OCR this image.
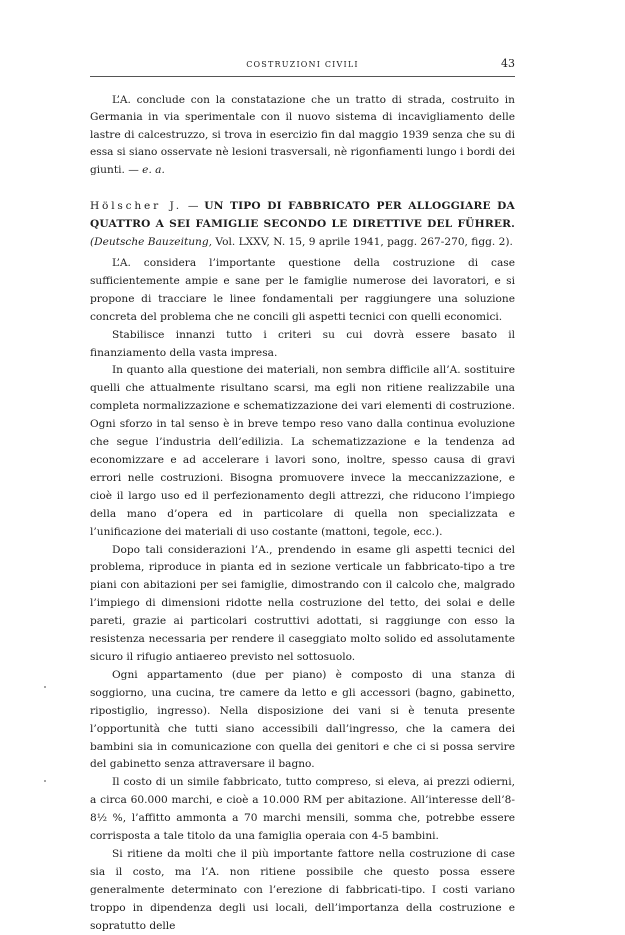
COSTRUZIONI CIVILI	43

L’A. conclude con la constatazione che un tratto di strada, costruito in Germania in via sperimentale con il nuovo sistema di incavigliamento delle lastre di calcestruzzo, si trova in esercizio fin dal maggio 1939 senza che su di essa si siano osservate nè lesioni trasversali, nè rigonfiamenti lungo i bordi dei giunti. — e. a.

Hölscher J. — UN TIPO DI FABBRICATO PER ALLOGGIARE DA QUATTRO A SEI FAMIGLIE SECONDO LE DIRETTIVE DEL FÜHRER. (Deutsche Bauzeitung, Vol. LXXV, N. 15, 9 aprile 1941, pagg. 267-270, figg. 2).

L’A. considera l’importante questione della costruzione di case sufficientemente ampie e sane per le famiglie numerose dei lavoratori, e si propone di tracciare le linee fondamentali per raggiungere una soluzione concreta del problema che ne concili gli aspetti tecnici con quelli economici.

Stabilisce innanzi tutto i criteri su cui dovrà essere basato il finanziamento della vasta impresa.

In quanto alla questione dei materiali, non sembra difficile all’A. sostituire quelli che attualmente risultano scarsi, ma egli non ritiene realizzabile una completa normalizzazione e schematizzazione dei vari elementi di costruzione. Ogni sforzo in tal senso è in breve tempo reso vano dalla continua evoluzione che segue l’industria dell’edilizia. La schematizzazione e la tendenza ad economizzare e ad accelerare i lavori sono, inoltre, spesso causa di gravi errori nelle costruzioni. Bisogna promuovere invece la meccanizzazione, e cioè il largo uso ed il perfezionamento degli attrezzi, che riducono l’impiego della mano d’opera ed in particolare di quella non specializzata e l’unificazione dei materiali di uso costante (mattoni, tegole, ecc.).

Dopo tali considerazioni l’A., prendendo in esame gli aspetti tecnici del problema, riproduce in pianta ed in sezione verticale un fabbricato-tipo a tre piani con abitazioni per sei famiglie, dimostrando con il calcolo che, malgrado l’impiego di dimensioni ridotte nella costruzione del tetto, dei solai e delle pareti, grazie ai particolari costruttivi adottati, si raggiunge con esso la resistenza necessaria per rendere il caseggiato molto solido ed assolutamente sicuro il rifugio antiaereo previsto nel sottosuolo.

Ogni appartamento (due per piano) è composto di una stanza di soggiorno, una cucina, tre camere da letto e gli accessori (bagno, gabinetto, ripostiglio, ingresso). Nella disposizione dei vani si è tenuta presente l’opportunità che tutti siano accessibili dall’ingresso, che la camera dei bambini sia in comunicazione con quella dei genitori e che ci si possa servire del gabinetto senza attraversare il bagno.

Il costo di un simile fabbricato, tutto compreso, si eleva, ai prezzi odierni, a circa 60.000 marchi, e cioè a 10.000 RM per abitazione. All’interesse dell’8-8½ %, l’affitto ammonta a 70 marchi mensili, somma che, potrebbe essere corrisposta a tale titolo da una famiglia operaia con 4-5 bambini.

Si ritiene da molti che il più importante fattore nella costruzione di case sia il costo, ma l’A. non ritiene possibile che questo possa essere generalmente determinato con l’erezione di fabbricati-tipo. I costi variano troppo in dipendenza degli usi locali, dell’importanza della costruzione e sopratutto delle
